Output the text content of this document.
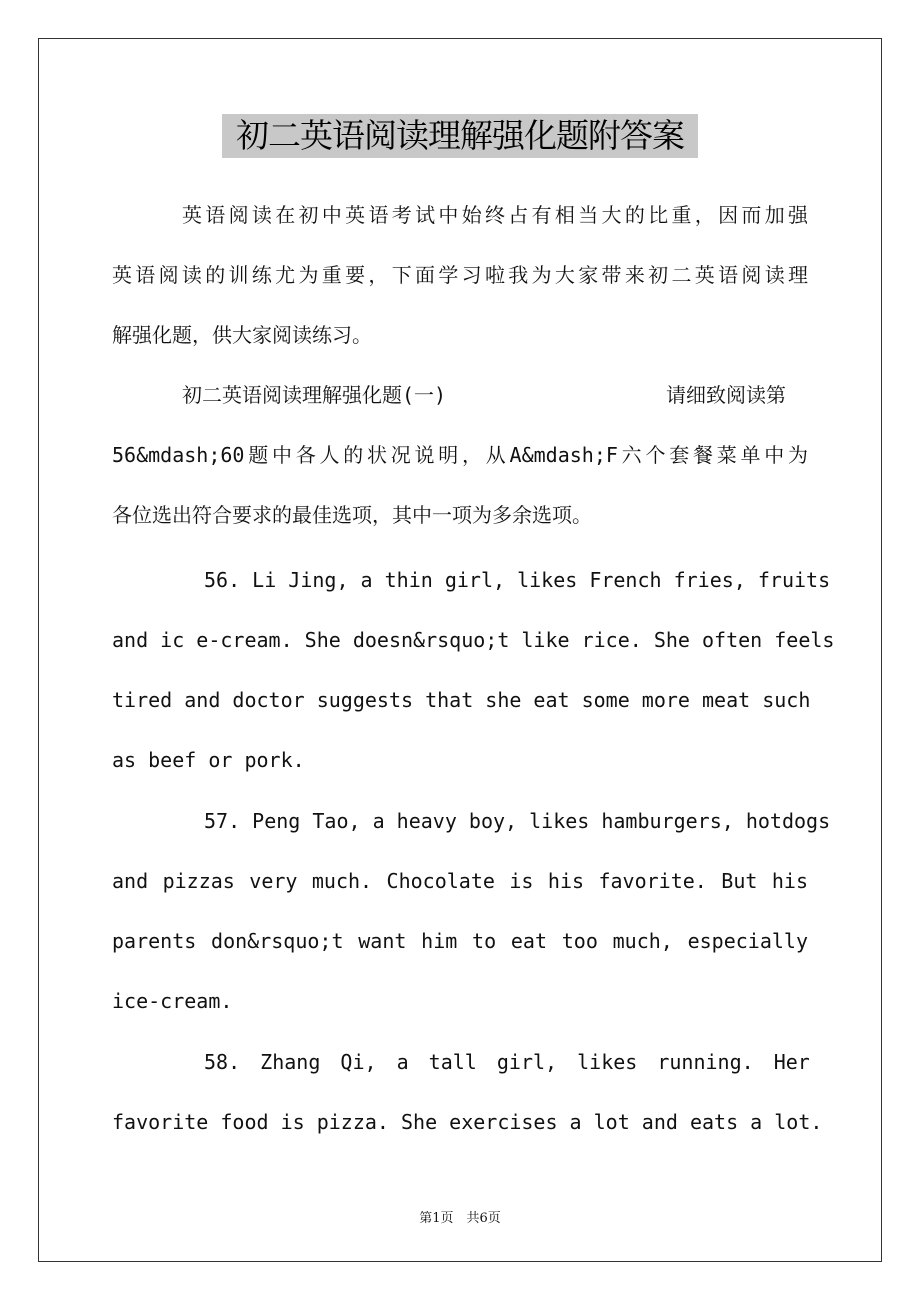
初二英语阅读理解强化题附答案
英语阅读在初中英语考试中始终占有相当大的比重，因而加强
英语阅读的训练尤为重要，下面学习啦我为大家带来初二英语阅读理
解强化题，供大家阅读练习。
初二英语阅读理解强化题(一)	请细致阅读第
56&mdash;60题中各人的状况说明，从A&mdash;F六个套餐菜单中为
各位选出符合要求的最佳选项，其中一项为多余选项。
56. Li Jing, a thin girl, likes French fries, fruits
and ic e-cream. She doesn&rsquo;t like rice. She often feels
tired and doctor suggests that she eat some more meat such
as beef or pork.
57. Peng Tao, a heavy boy, likes hamburgers, hotdogs
and pizzas very much. Chocolate is his favorite. But his
parents don&rsquo;t want him to eat too much, especially
ice-cream.
58. Zhang Qi, a tall girl, likes running. Her
favorite food is pizza. She exercises a lot and eats a lot.
第1页　共6页
